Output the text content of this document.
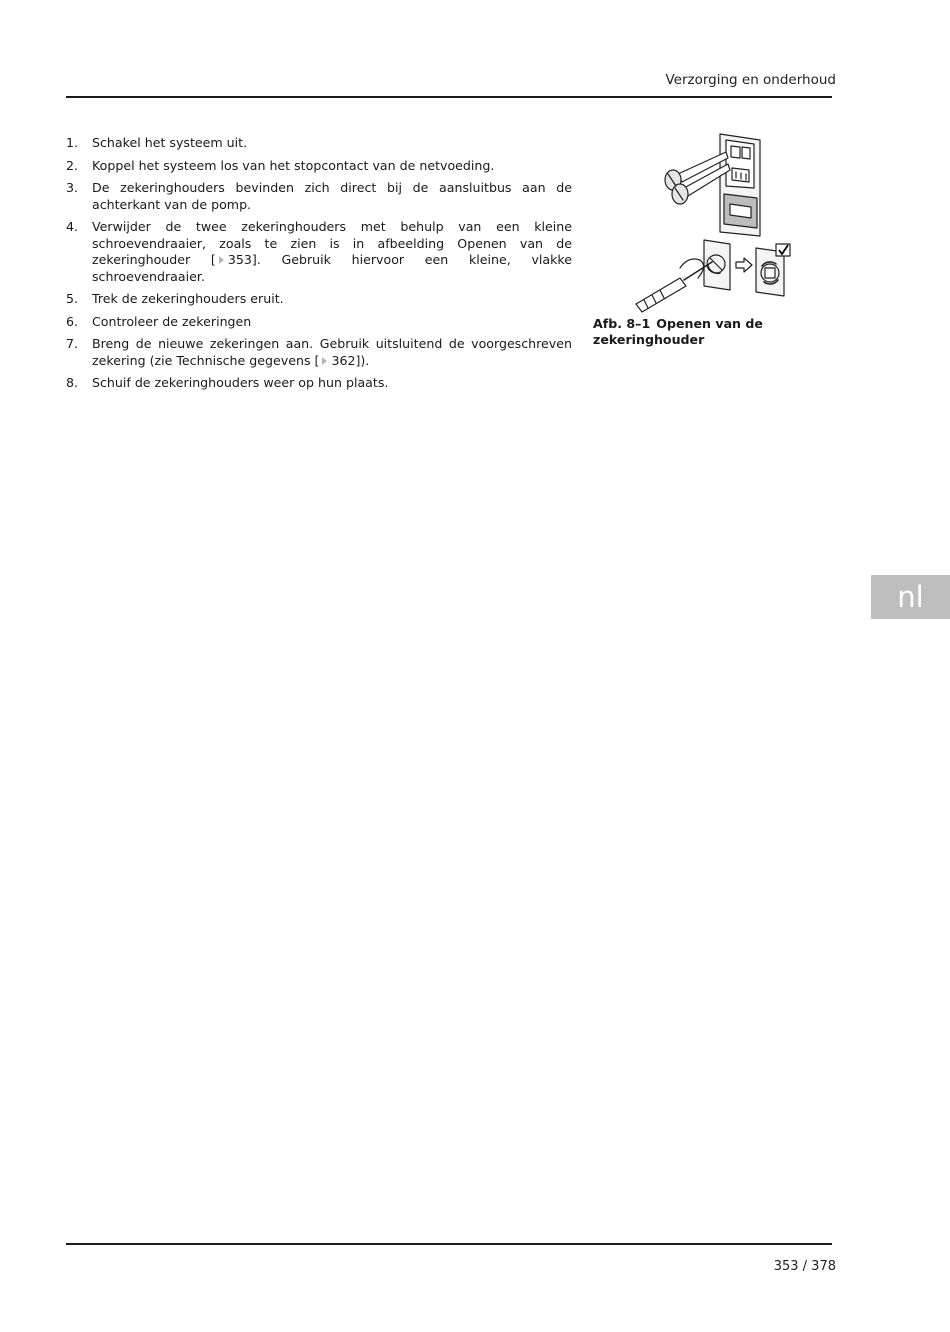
Verzorging en onderhoud
1.	Schakel het systeem uit.
2.	Koppel het systeem los van het stopcontact van de netvoeding.
3.	De zekeringhouders bevinden zich direct bij de aansluitbus aan de achterkant van de pomp.
4.	Verwijder de twee zekeringhouders met behulp van een kleine schroevendraaier, zoals te zien is in afbeelding Openen van de zekeringhouder [ 353]. Gebruik hiervoor een kleine, vlakke schroevendraaier.
5.	Trek de zekeringhouders eruit.
6.	Controleer de zekeringen
7.	Breng de nieuwe zekeringen aan. Gebruik uitsluitend de voorgeschreven zekering (zie Technische gegevens [ 362]).
8.	Schuif de zekeringhouders weer op hun plaats.
Afb. 8–1 Openen van de zekeringhouder
353 / 378
nl
